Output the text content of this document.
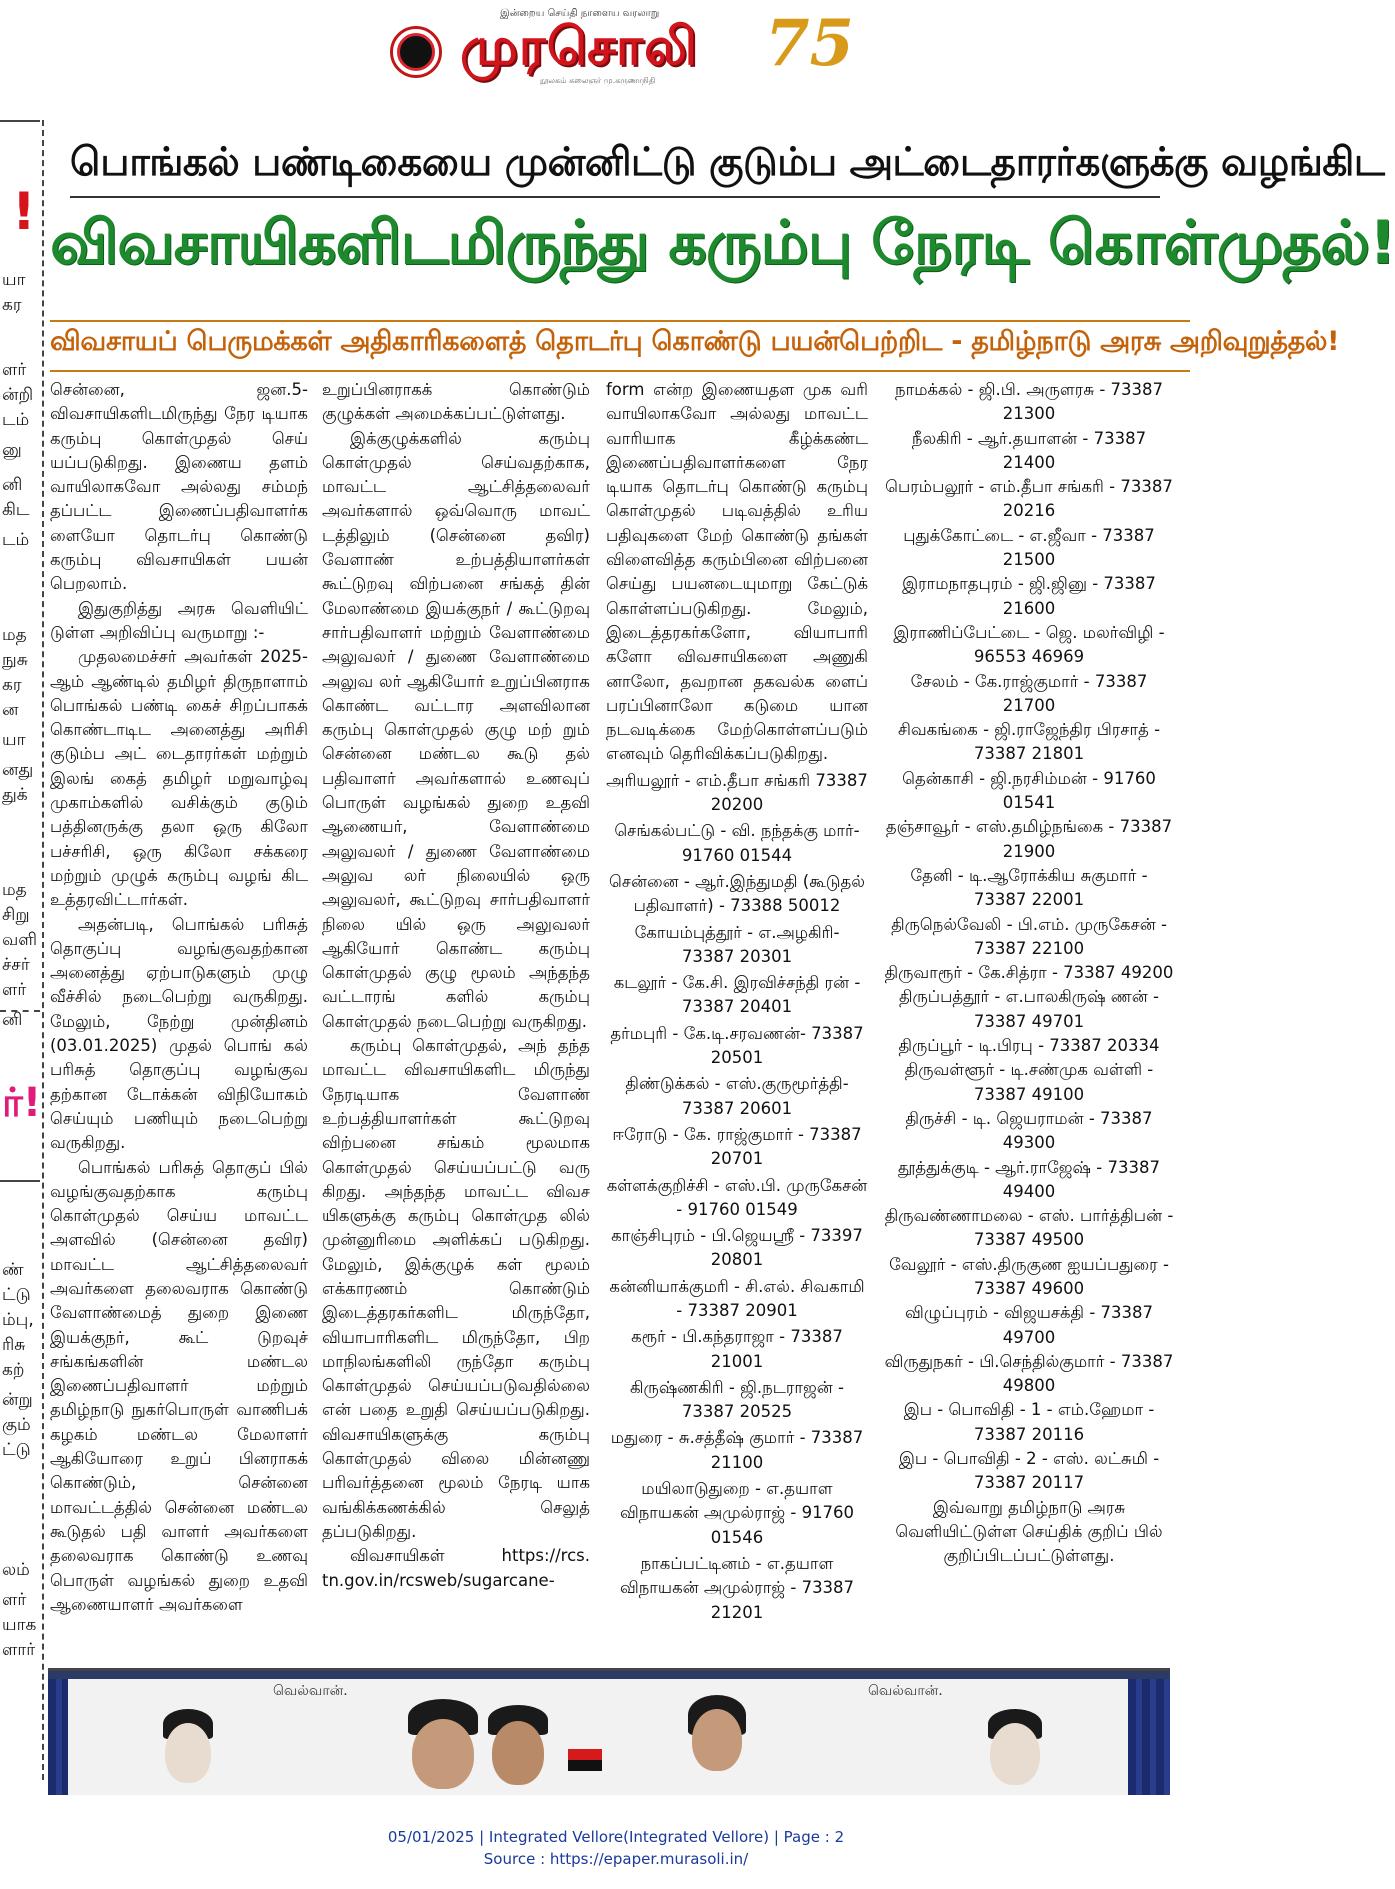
இன்றைய செய்தி நாளைய வரலாறு
முரசொலி
நூலகம் கலைஞர் மு.கருணாநிதி 75
!
யா
கர
ளர்
ன்றி
டம்
னு
னி
கிட
டம்
மத
நுசு
கர
ன
யா
னது
துக்
மத
சிறு
வளி
ச்சர்
ளர்
னி
ண்
ட்டு
ம்பு,
ரிசு
கற்
ன்று
கும்
ட்டு
லம்
ளர்
யாக
ளார்
ர்!
பொங்கல் பண்டிகையை முன்னிட்டு குடும்ப அட்டைதாரர்களுக்கு வழங்கிட
விவசாயிகளிடமிருந்து கரும்பு நேரடி கொள்முதல்!
விவசாயப் பெருமக்கள் அதிகாரிகளைத் தொடர்பு கொண்டு பயன்பெற்றிட - தமிழ்நாடு அரசு அறிவுறுத்தல்!

சென்னை, ஜன.5- விவசாயிகளிடமிருந்து நேர டியாக கரும்பு கொள்முதல் செய் யப்படுகிறது. இணைய தளம் வாயிலாகவோ அல்லது சம்மந் தப்பட்ட இணைப்பதிவாளர்க ளையோ தொடர்பு கொண்டு கரும்பு விவசாயிகள் பயன் பெறலாம்.

இதுகுறித்து அரசு வெளியிட் டுள்ள அறிவிப்பு வருமாறு :-

முதலமைச்சர் அவர்கள் 2025-ஆம் ஆண்டில் தமிழர் திருநாளாம் பொங்கல் பண்டி கைச் சிறப்பாகக் கொண்டாடிட அனைத்து அரிசி குடும்ப அட் டைதாரர்கள் மற்றும் இலங் கைத் தமிழர் மறுவாழ்வு முகாம்களில் வசிக்கும் குடும் பத்தினருக்கு தலா ஒரு கிலோ பச்சரிசி, ஒரு கிலோ சக்கரை மற்றும் முழுக் கரும்பு வழங் கிட உத்தரவிட்டார்கள்.

அதன்படி, பொங்கல் பரிசுத் தொகுப்பு வழங்குவதற்கான அனைத்து ஏற்பாடுகளும் முழு வீச்சில் நடைபெற்று வருகிறது. மேலும், நேற்று முன்தினம் (03.01.2025) முதல் பொங் கல் பரிசுத் தொகுப்பு வழங்குவ தற்கான டோக்கன் விநியோகம் செய்யும் பணியும் நடைபெற்று வருகிறது.

பொங்கல் பரிசுத் தொகுப் பில் வழங்குவதற்காக கரும்பு கொள்முதல் செய்ய மாவட்ட அளவில் (சென்னை தவிர) மாவட்ட ஆட்சித்தலைவர் அவர்களை தலைவராக கொண்டு வேளாண்மைத் துறை இணை இயக்குநர், கூட் டுறவுச் சங்கங்களின் மண்டல இணைப்பதிவாளர் மற்றும் தமிழ்நாடு நுகர்பொருள் வாணிபக் கழகம் மண்டல மேலாளர் ஆகியோரை உறுப் பினராகக் கொண்டும், சென்னை மாவட்டத்தில் சென்னை மண்டல கூடுதல் பதி வாளர் அவர்களை தலைவராக கொண்டு உணவு பொருள் வழங்கல் துறை உதவி ஆணையாளர் அவர்களை

உறுப்பினராகக் கொண்டும் குழுக்கள் அமைக்கப்பட்டுள்ளது.

இக்குழுக்களில் கரும்பு கொள்முதல் செய்வதற்காக, மாவட்ட ஆட்சித்தலைவர் அவர்களால் ஒவ்வொரு மாவட் டத்திலும் (சென்னை தவிர) வேளாண் உற்பத்தியாளர்கள் கூட்டுறவு விற்பனை சங்கத் தின் மேலாண்மை இயக்குநர் / கூட்டுறவு சார்பதிவாளர் மற்றும் வேளாண்மை அலுவலர் / துணை வேளாண்மை அலுவ லர் ஆகியோர் உறுப்பினராக கொண்ட வட்டார அளவிலான கரும்பு கொள்முதல் குழு மற் றும் சென்னை மண்டல கூடு தல் பதிவாளர் அவர்களால் உணவுப் பொருள் வழங்கல் துறை உதவி ஆணையர், வேளாண்மை அலுவலர் / துணை வேளாண்மை அலுவ லர் நிலையில் ஒரு அலுவலர், கூட்டுறவு சார்பதிவாளர் நிலை யில் ஒரு அலுவலர் ஆகியோர் கொண்ட கரும்பு கொள்முதல் குழு மூலம் அந்தந்த வட்டாரங் களில் கரும்பு கொள்முதல் நடைபெற்று வருகிறது.

கரும்பு கொள்முதல், அந் தந்த மாவட்ட விவசாயிகளிட மிருந்து நேரடியாக வேளாண் உற்பத்தியாளர்கள் கூட்டுறவு விற்பனை சங்கம் மூலமாக கொள்முதல் செய்யப்பட்டு வரு கிறது. அந்தந்த மாவட்ட விவச யிகளுக்கு கரும்பு கொள்முத லில் முன்னுரிமை அளிக்கப் படுகிறது. மேலும், இக்குழுக் கள் மூலம் எக்காரணம் கொண்டும் இடைத்தரகர்களிட மிருந்தோ, வியாபாரிகளிட மிருந்தோ, பிற மாநிலங்களிலி ருந்தோ கரும்பு கொள்முதல் செய்யப்படுவதில்லை என் பதை உறுதி செய்யப்படுகிறது. விவசாயிகளுக்கு கரும்பு கொள்முதல் விலை மின்னணு பரிவர்த்தனை மூலம் நேரடி யாக வங்கிக்கணக்கில் செலுத் தப்படுகிறது.

விவசாயிகள் https://rcs. tn.gov.in/rcsweb/sugarcane-

form என்ற இணையதள முக வரி வாயிலாகவோ அல்லது மாவட்ட வாரியாக கீழ்க்கண்ட இணைப்பதிவாளர்களை நேர டியாக தொடர்பு கொண்டு கரும்பு கொள்முதல் படிவத்தில் உரிய பதிவுகளை மேற் கொண்டு தங்கள் விளைவித்த கரும்பினை விற்பனை செய்து பயனடையுமாறு கேட்டுக் கொள்ளப்படுகிறது. மேலும், இடைத்தரகர்களோ, வியாபாரி களோ விவசாயிகளை அணுகி னாலோ, தவறான தகவல்க ளைப் பரப்பினாலோ கடுமை யான நடவடிக்கை மேற்கொள்ளப்படும் எனவும் தெரிவிக்கப்படுகிறது.

அரியலூர் - எம்.தீபா சங்கரி 73387 20200

செங்கல்பட்டு - வி. நந்தக்கு மார்- 91760 01544

சென்னை - ஆர்.இந்துமதி (கூடுதல் பதிவாளர்) - 73388 50012

கோயம்புத்தூர் - எ.அழகிரி- 73387 20301

கடலூர் - கே.சி. இரவிச்சந்தி ரன் - 73387 20401

தர்மபுரி - கே.டி.சரவணன்- 73387 20501

திண்டுக்கல் - எஸ்.குருமூர்த்தி- 73387 20601

ஈரோடு - கே. ராஜ்குமார் - 73387 20701

கள்ளக்குறிச்சி - எஸ்.பி. முருகேசன் - 91760 01549

காஞ்சிபுரம் - பி.ஜெயஸ்ரீ - 73397 20801

கன்னியாக்குமரி - சி.எல். சிவகாமி - 73387 20901

கரூர் - பி.கந்தராஜா - 73387 21001

கிருஷ்ணகிரி - ஜி.நடராஜன் - 73387 20525

மதுரை - சு.சத்தீஷ் குமார் - 73387 21100

மயிலாடுதுறை - எ.தயாள விநாயகன் அமுல்ராஜ் - 91760 01546

நாகப்பட்டினம் - எ.தயாள விநாயகன் அமுல்ராஜ் - 73387 21201

நாமக்கல் - ஜி.பி. அருளரசு - 73387 21300

நீலகிரி - ஆர்.தயாளன் - 73387 21400

பெரம்பலூர் - எம்.தீபா சங்கரி - 73387 20216

புதுக்கோட்டை - எ.ஜீவா - 73387 21500

இராமநாதபுரம் - ஜி.ஜினு - 73387 21600

இராணிப்பேட்டை - ஜெ. மலர்விழி - 96553 46969

சேலம் - கே.ராஜ்குமார் - 73387 21700

சிவகங்கை - ஜி.ராஜேந்திர பிரசாத் - 73387 21801

தென்காசி - ஜி.நரசிம்மன் - 91760 01541

தஞ்சாவூர் - எஸ்.தமிழ்நங்கை - 73387 21900

தேனி - டி.ஆரோக்கிய சுகுமார் - 73387 22001

திருநெல்வேலி - பி.எம். முருகேசன் - 73387 22100

திருவாரூர் - கே.சித்ரா - 73387 49200

திருப்பத்தூர் - எ.பாலகிருஷ் ணன் - 73387 49701

திருப்பூர் - டி.பிரபு - 73387 20334

திருவள்ளூர் - டி.சண்முக வள்ளி - 73387 49100

திருச்சி - டி. ஜெயராமன் - 73387 49300

தூத்துக்குடி - ஆர்.ராஜேஷ் - 73387 49400

திருவண்ணாமலை - எஸ். பார்த்திபன் - 73387 49500

வேலூர் - எஸ்.திருகுண ஐயப்பதுரை - 73387 49600

விழுப்புரம் - விஜயசக்தி - 73387 49700

விருதுநகர் - பி.செந்தில்குமார் - 73387 49800

இப - பொவிதி - 1 - எம்.ஹேமா - 73387 20116

இப - பொவிதி - 2 - எஸ். லட்சுமி - 73387 20117

இவ்வாறு தமிழ்நாடு அரசு வெளியிட்டுள்ள செய்திக் குறிப் பில் குறிப்பிடப்பட்டுள்ளது.

வெல்வான்.	வெல்வான்.
05/01/2025 | Integrated Vellore(Integrated Vellore) | Page : 2
Source : https://epaper.murasoli.in/
